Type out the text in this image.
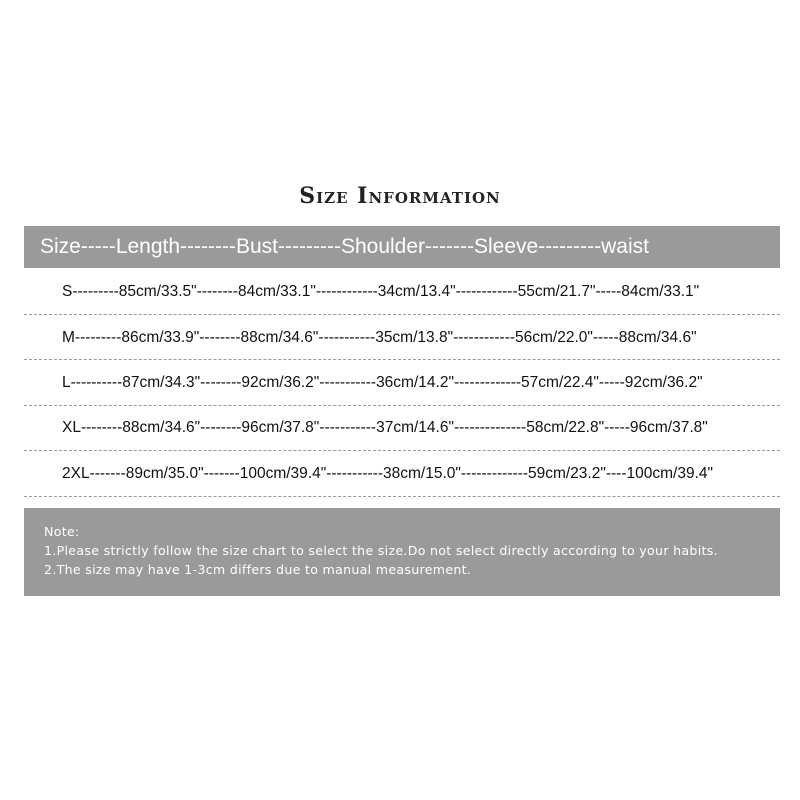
Size Information
Size-----Length--------Bust---------Shoulder-------Sleeve---------waist
S---------85cm/33.5"--------84cm/33.1"------------34cm/13.4"------------55cm/21.7"-----84cm/33.1"
M---------86cm/33.9"--------88cm/34.6"-----------35cm/13.8"------------56cm/22.0"-----88cm/34.6"
L----------87cm/34.3"--------92cm/36.2"-----------36cm/14.2"-------------57cm/22.4"-----92cm/36.2"
XL--------88cm/34.6"--------96cm/37.8"-----------37cm/14.6"--------------58cm/22.8"-----96cm/37.8"
2XL-------89cm/35.0"-------100cm/39.4"-----------38cm/15.0"-------------59cm/23.2"----100cm/39.4"
Note:
1.Please strictly follow the size chart to select the size.Do not select directly according to your habits.
2.The size may have 1-3cm differs due to manual measurement.
